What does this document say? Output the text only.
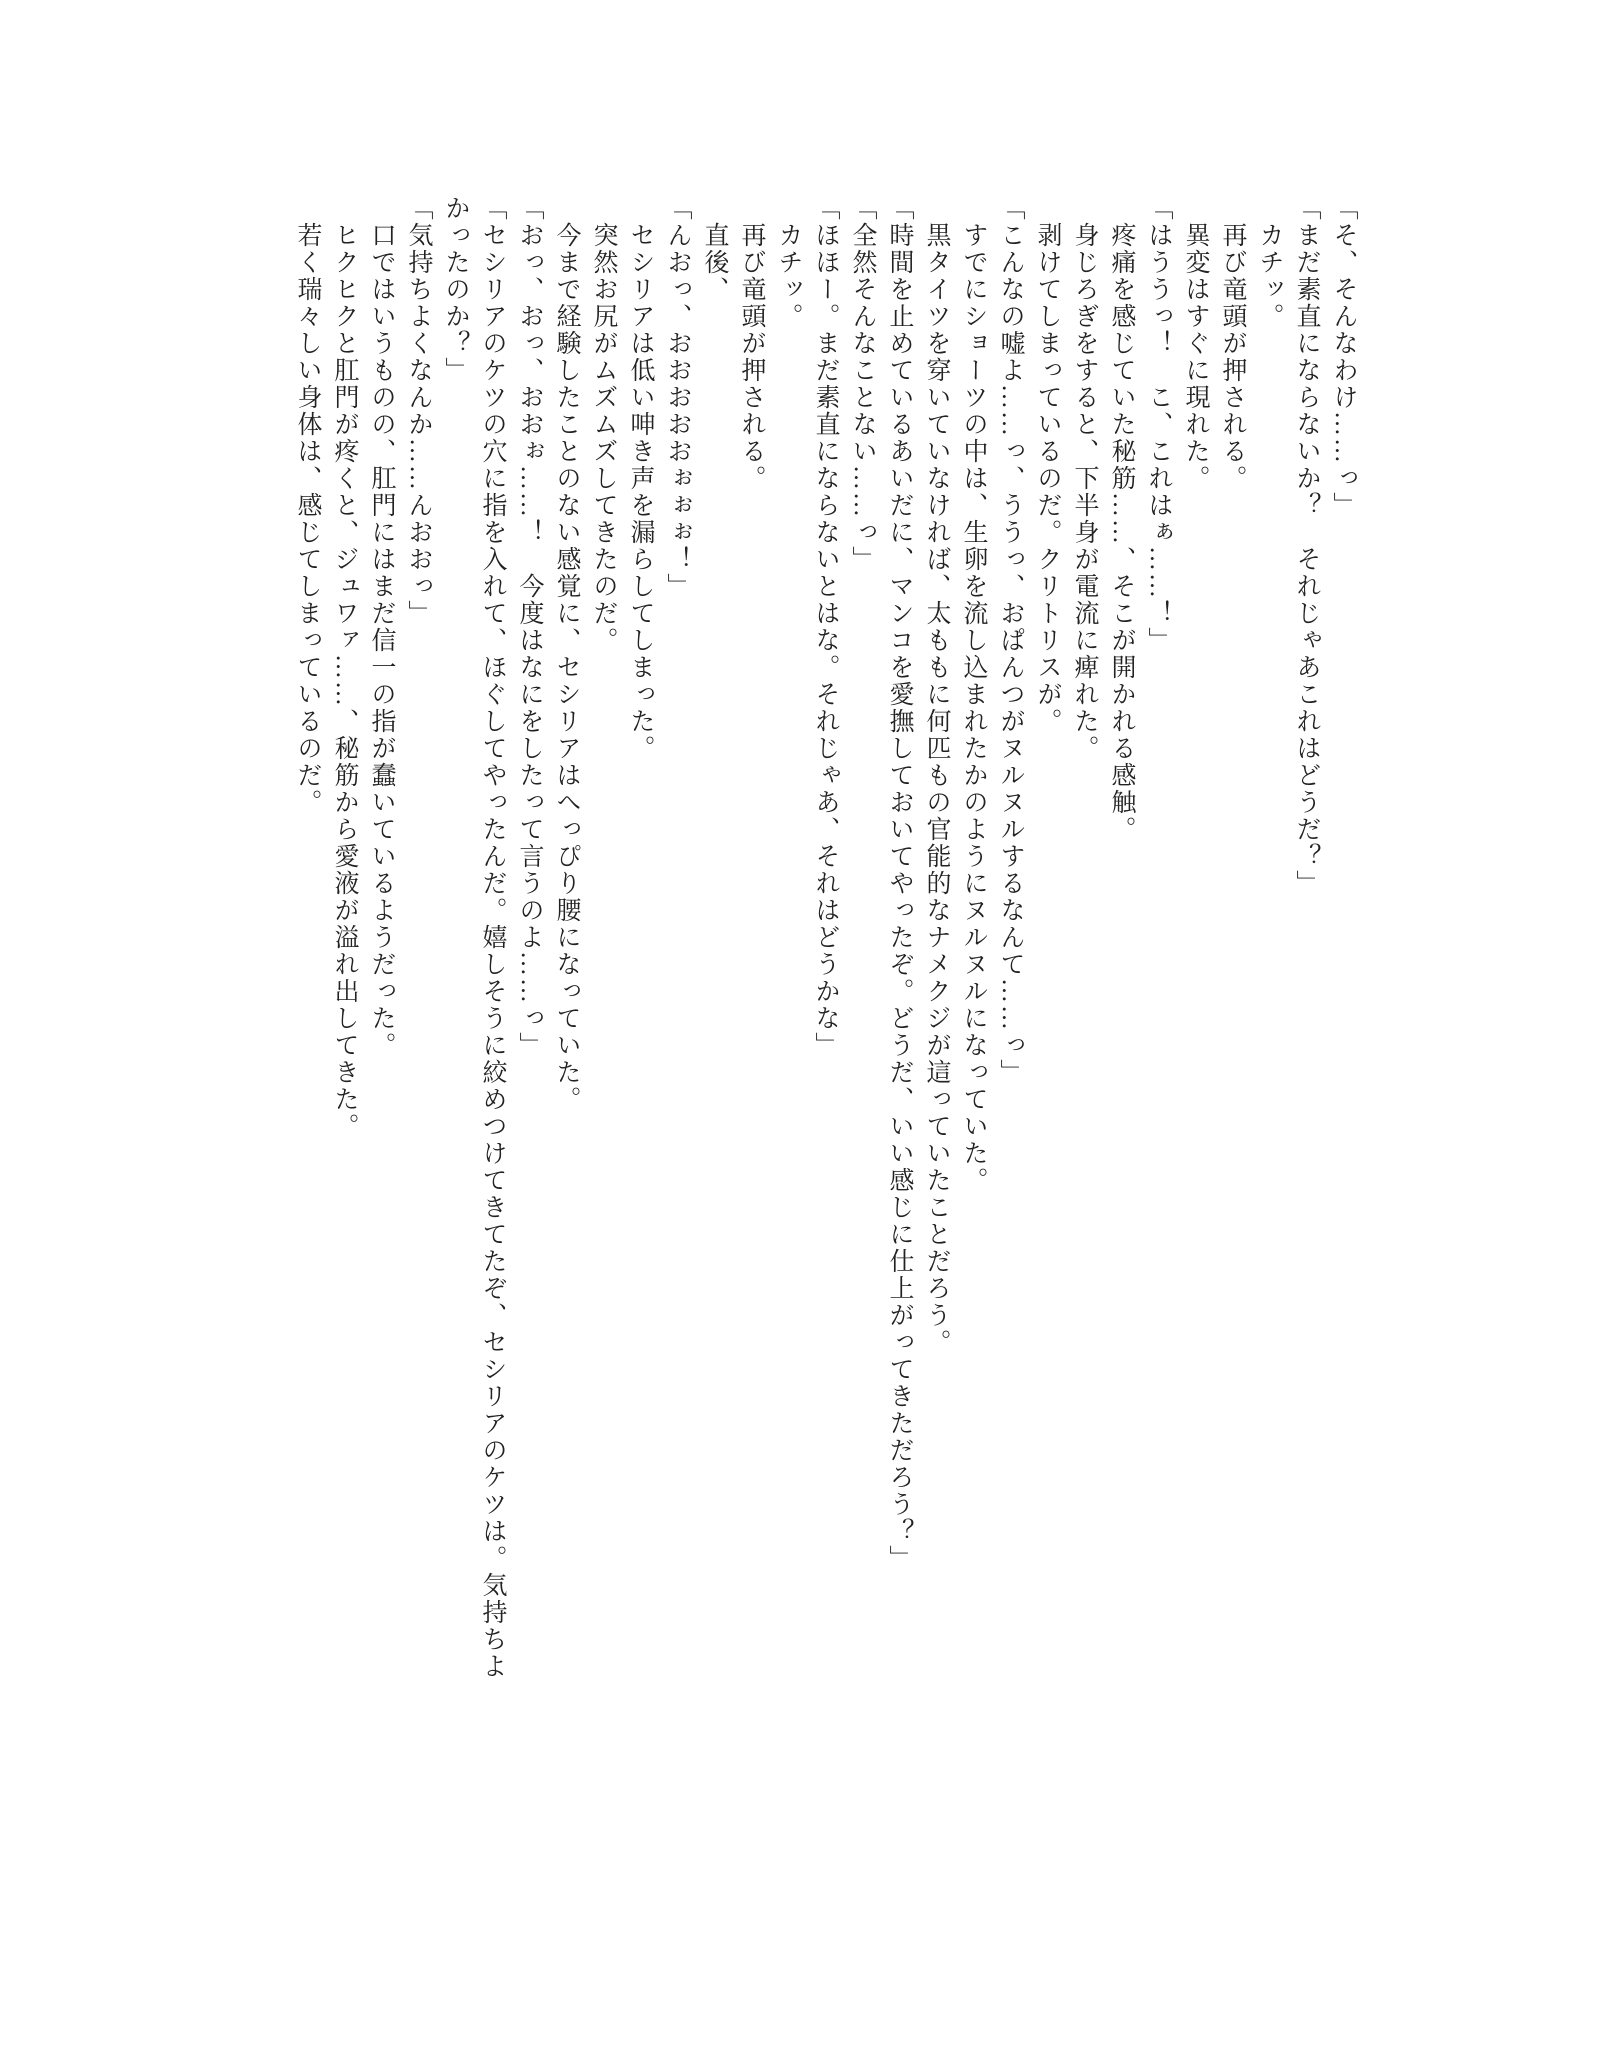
「そ、そんなわけ……っ」

「まだ素直にならないか？　それじゃあこれはどうだ？」

　カチッ。

　再び竜頭が押される。

　異変はすぐに現れた。

「はううっ！　こ、これはぁ……！」

　疼痛を感じていた秘筋……、そこが開かれる感触。

　身じろぎをすると、下半身が電流に痺れた。

　剥けてしまっているのだ。クリトリスが。

「こんなの嘘よ……っ、ううっ、おぱんつがヌルヌルするなんて……っ」

　すでにショーツの中は、生卵を流し込まれたかのようにヌルヌルになっていた。

　黒タイツを穿いていなければ、太ももに何匹もの官能的なナメクジが這っていたことだろう。

「時間を止めているあいだに、マンコを愛撫しておいてやったぞ。どうだ、いい感じに仕上がってきただろう？」

「全然そんなことない……っ」

「ほほー。まだ素直にならないとはな。それじゃあ、それはどうかな」

　カチッ。

　再び竜頭が押される。

　直後、

「んおっ、おおおおおぉぉぉ！」

　セシリアは低い呻き声を漏らしてしまった。

　突然お尻がムズムズしてきたのだ。

　今まで経験したことのない感覚に、セシリアはへっぴり腰になっていた。

「おっ、おっ、おおぉ……！　今度はなにをしたって言うのよ……っ」

「セシリアのケツの穴に指を入れて、ほぐしてやったんだ。嬉しそうに絞めつけてきてたぞ、セシリアのケツは。気持ちよかったのか？」

「気持ちよくなんか……んおおっ」

　口ではいうものの、肛門にはまだ信一の指が蠢いているようだった。

　ヒクヒクと肛門が疼くと、ジュワァ……、秘筋から愛液が溢れ出してきた。

　若く瑞々しい身体は、感じてしまっているのだ。
